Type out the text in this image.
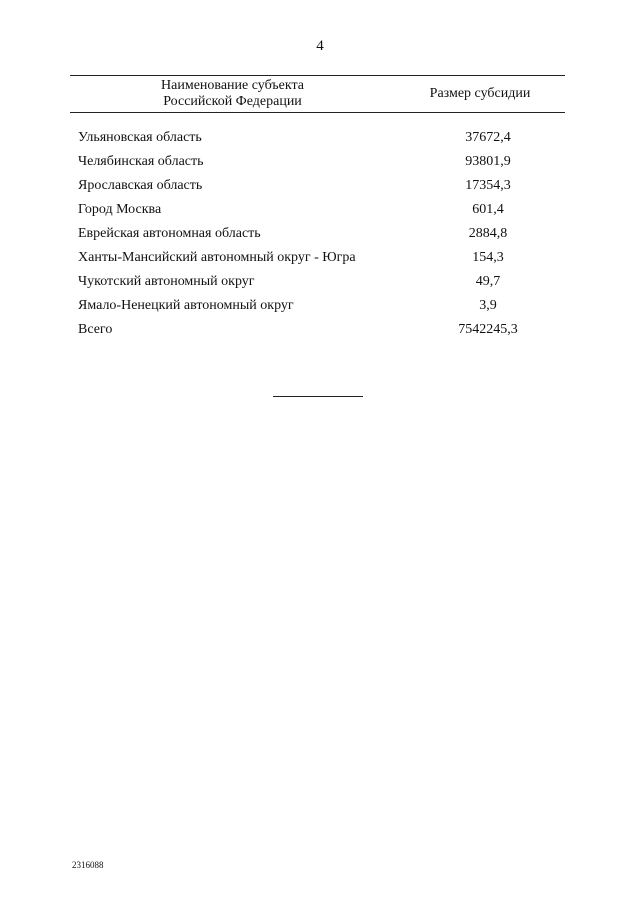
4
Наименование субъекта
Российской Федерации
Размер субсидии
Ульяновская область	37672,4
Челябинская область	93801,9
Ярославская область	17354,3
Город Москва	601,4
Еврейская автономная область	2884,8
Ханты-Мансийский автономный округ - Югра	154,3
Чукотский автономный округ	49,7
Ямало-Ненецкий автономный округ	3,9
Всего	7542245,3
2316088
